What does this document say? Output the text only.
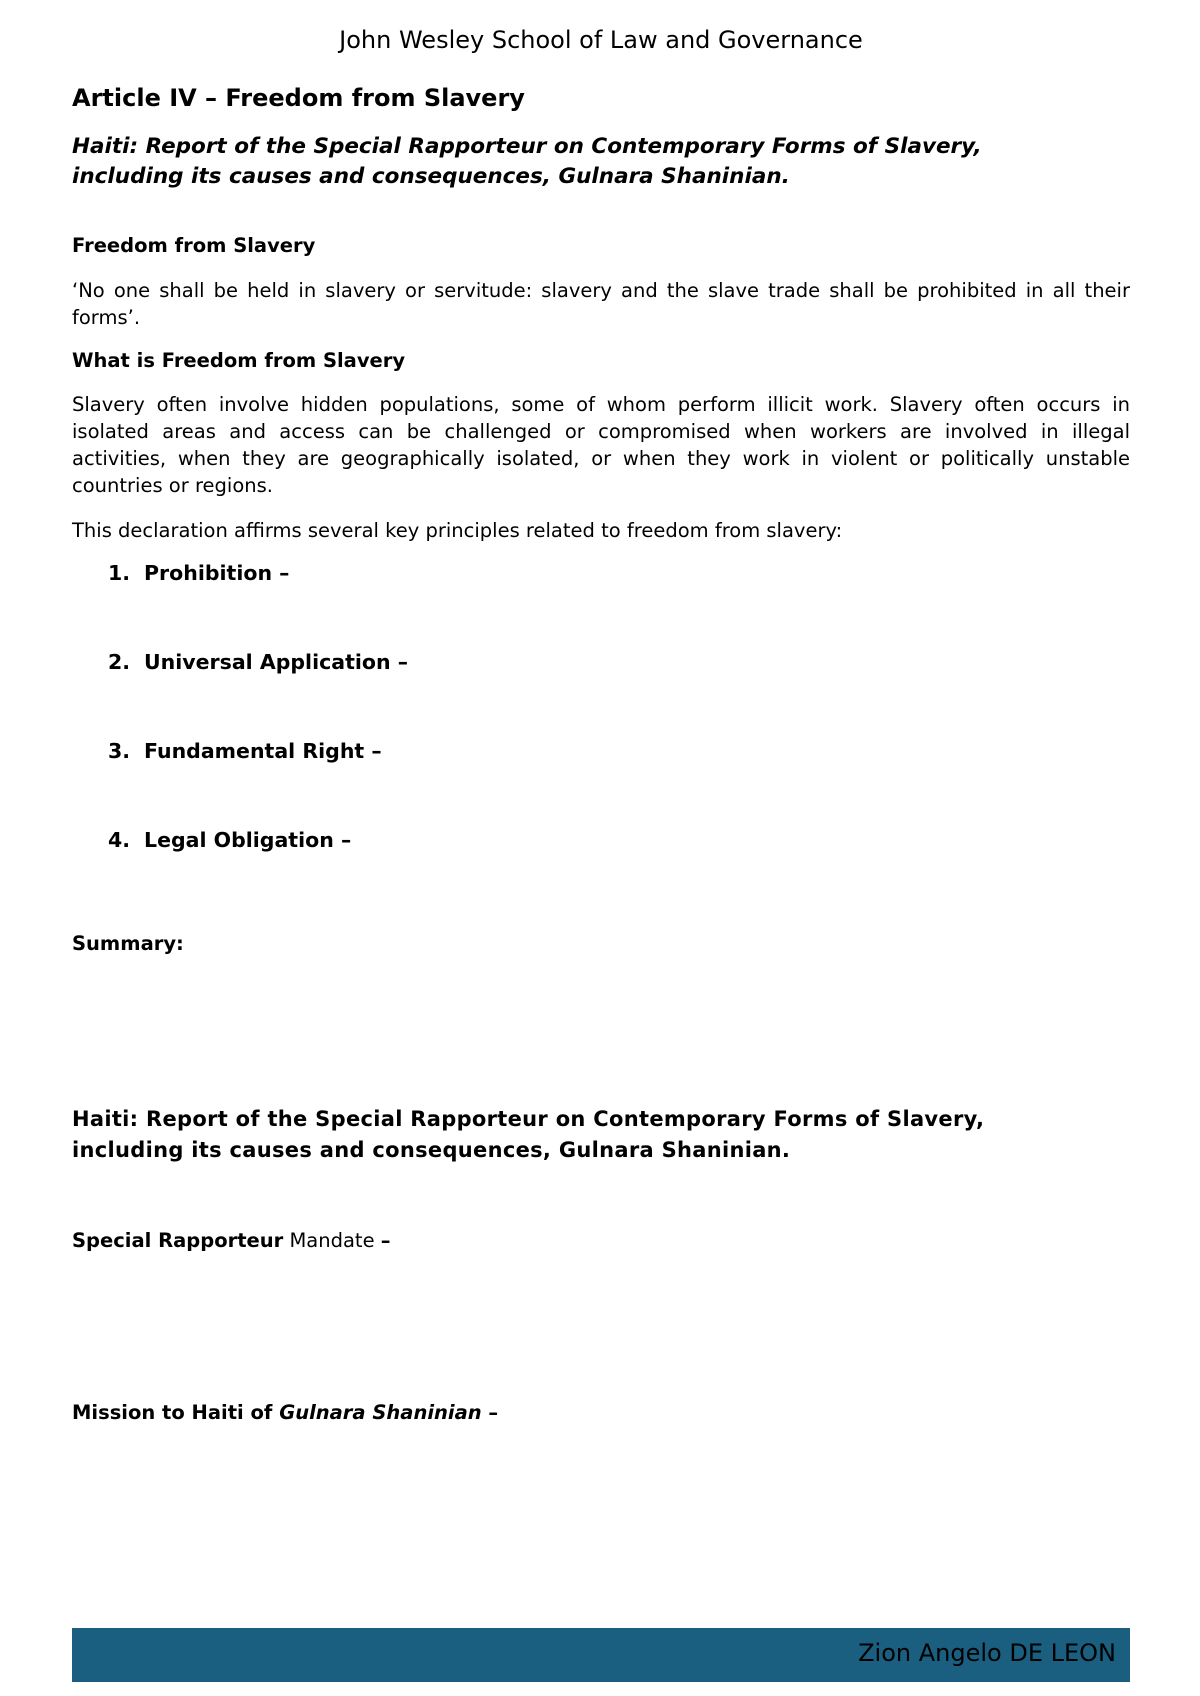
John Wesley School of Law and Governance
Article IV – Freedom from Slavery
Haiti: Report of the Special Rapporteur on Contemporary Forms of Slavery,
including its causes and consequences, Gulnara Shaninian.
Freedom from Slavery
‘No one shall be held in slavery or servitude: slavery and the slave trade shall be prohibited in all their forms’.
What is Freedom from Slavery
Slavery often involve hidden populations, some of whom perform illicit work. Slavery often occurs in isolated areas and access can be challenged or compromised when workers are involved in illegal activities, when they are geographically isolated, or when they work in violent or politically unstable countries or regions.
This declaration affirms several key principles related to freedom from slavery:
1. Prohibition –
2. Universal Application –
3. Fundamental Right –
4. Legal Obligation –
Summary:
Haiti: Report of the Special Rapporteur on Contemporary Forms of Slavery,
including its causes and consequences, Gulnara Shaninian.
Special Rapporteur Mandate –
Mission to Haiti of Gulnara Shaninian –
Zion Angelo DE LEON
